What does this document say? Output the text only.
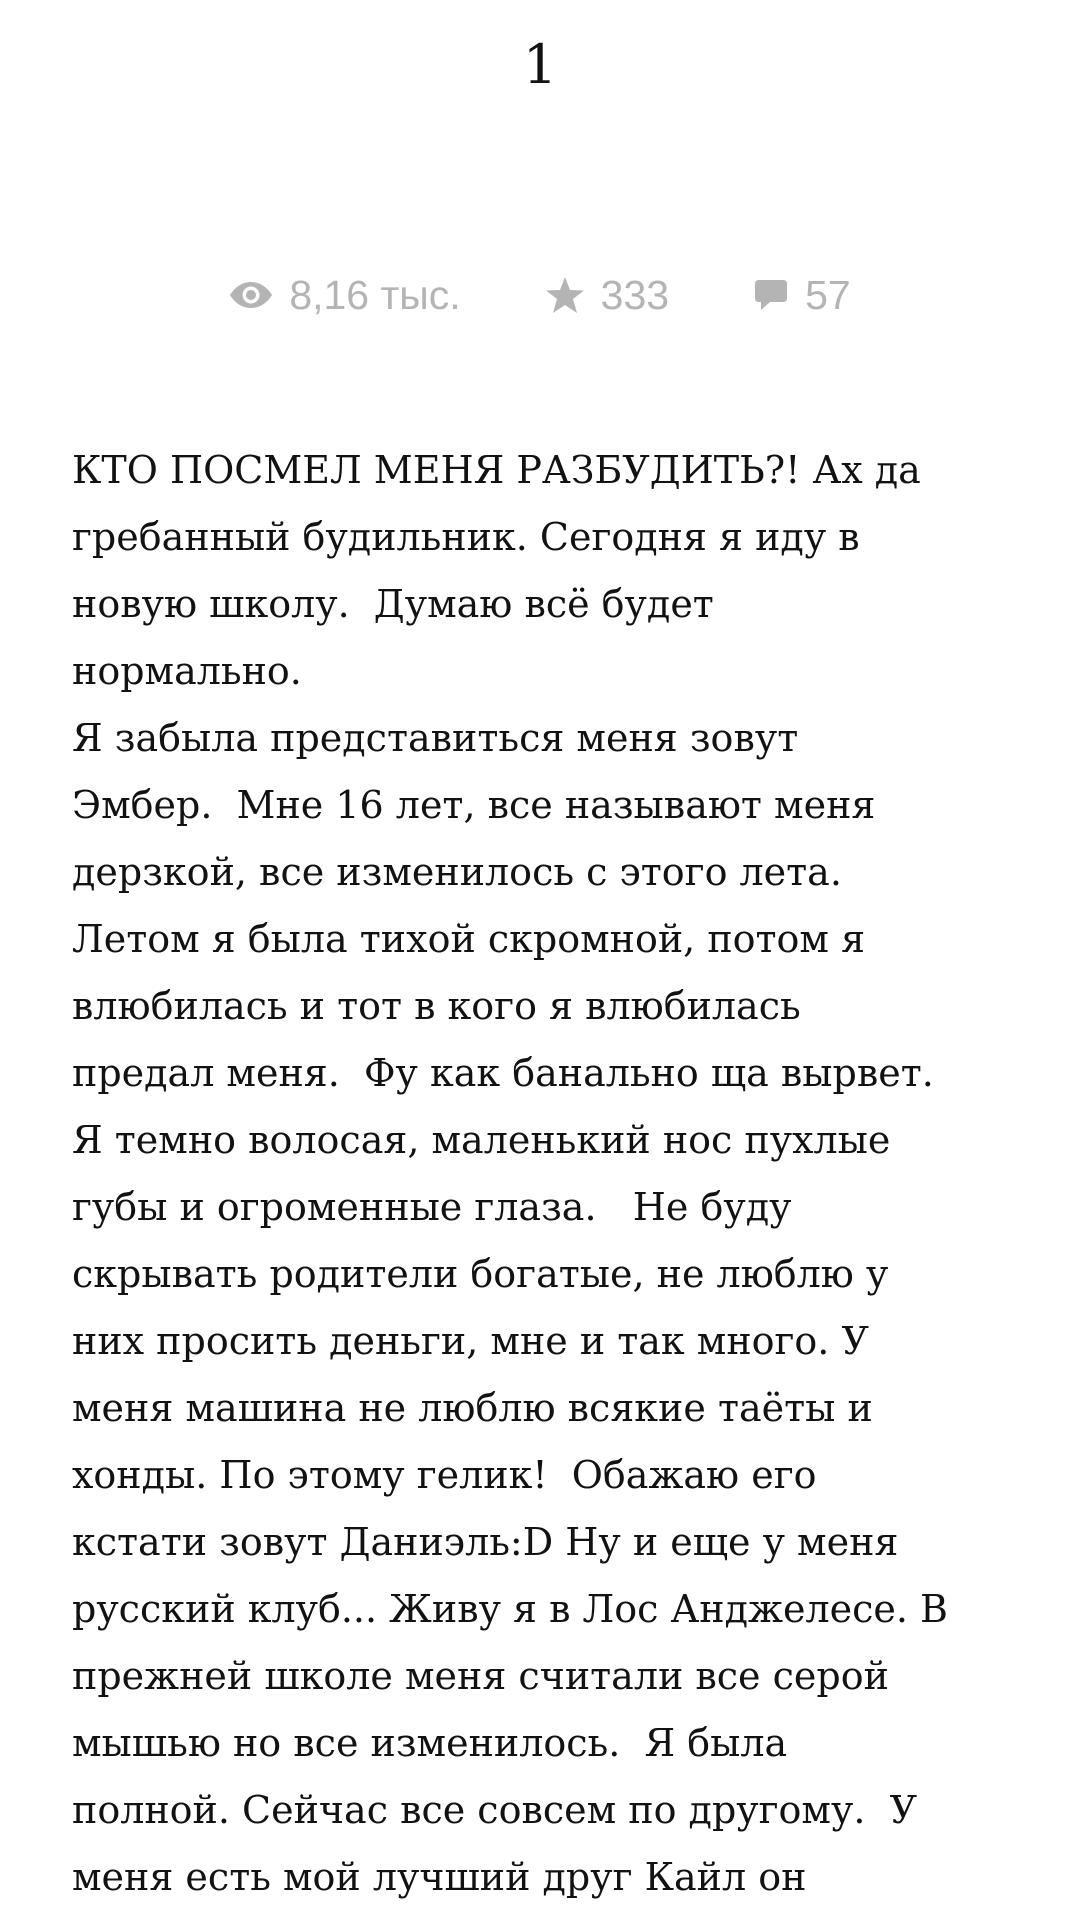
1
8,16 тыс.	333	57
КТО ПОСМЕЛ МЕНЯ РАЗБУДИТЬ?! Ах да
гребанный будильник. Сегодня я иду в
новую школу.  Думаю всё будет
нормально.
Я забыла представиться меня зовут
Эмбер.  Мне 16 лет, все называют меня
дерзкой, все изменилось с этого лета.
Летом я была тихой скромной, потом я
влюбилась и тот в кого я влюбилась
предал меня.  Фу как банально ща вырвет.
Я темно волосая, маленький нос пухлые
губы и огроменные глаза.   Не буду
скрывать родители богатые, не люблю у
них просить деньги, мне и так много. У
меня машина не люблю всякие таёты и
хонды. По этому гелик!  Обажаю его
кстати зовут Даниэль:D Ну и еще у меня
русский клуб... Живу я в Лос Анджелесе. В
прежней школе меня считали все серой
мышью но все изменилось.  Я была
полной. Сейчас все совсем по другому.  У
меня есть мой лучший друг Кайл он
